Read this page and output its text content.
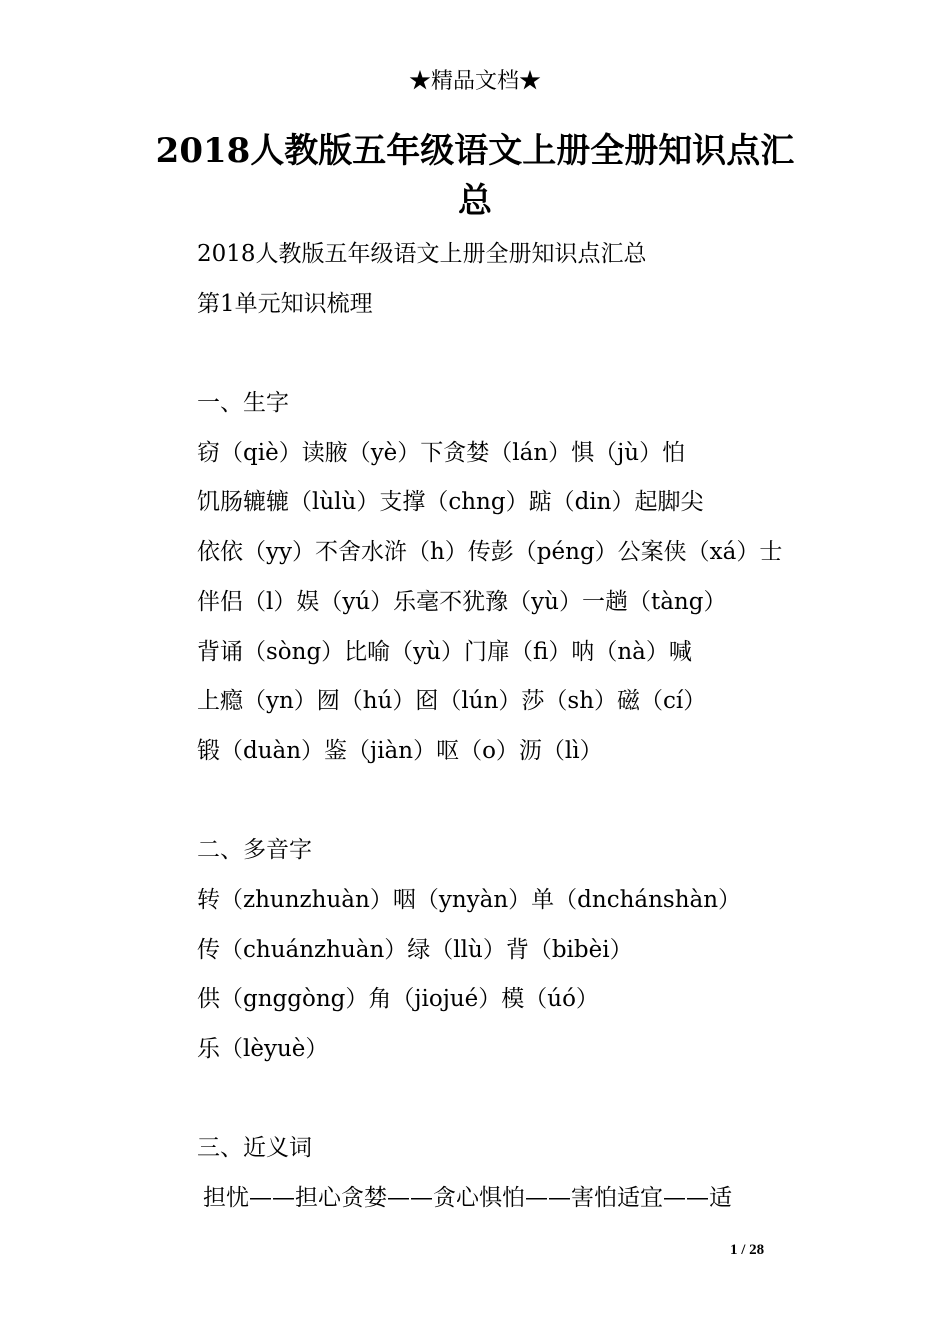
★精品文档★
2018人教版五年级语文上册全册知识点汇总
2018人教版五年级语文上册全册知识点汇总
第1单元知识梳理
一、生字
窃（qiè）读腋（yè）下贪婪（lán）惧（jù）怕
饥肠辘辘（lùlù）支撑（chng）踮（din）起脚尖
依依（yy）不舍水浒（h）传彭（péng）公案侠（xá）士
伴侣（l）娱（yú）乐毫不犹豫（yù）一趟（tàng）
背诵（sòng）比喻（yù）门扉（fi）呐（nà）喊
上瘾（yn）囫（hú）囵（lún）莎（sh）磁（cí）
锻（duàn）鉴（jiàn）呕（o）沥（lì）
二、多音字
转（zhunzhuàn）咽（ynyàn）单（dnchánshàn）
传（chuánzhuàn）绿（llù）背（bibèi）
供（gnggòng）角（jiojué）模（úó）
乐（lèyuè）
三、近义词
担忧——担心贪婪——贪心惧怕——害怕适宜——适
1 / 28
